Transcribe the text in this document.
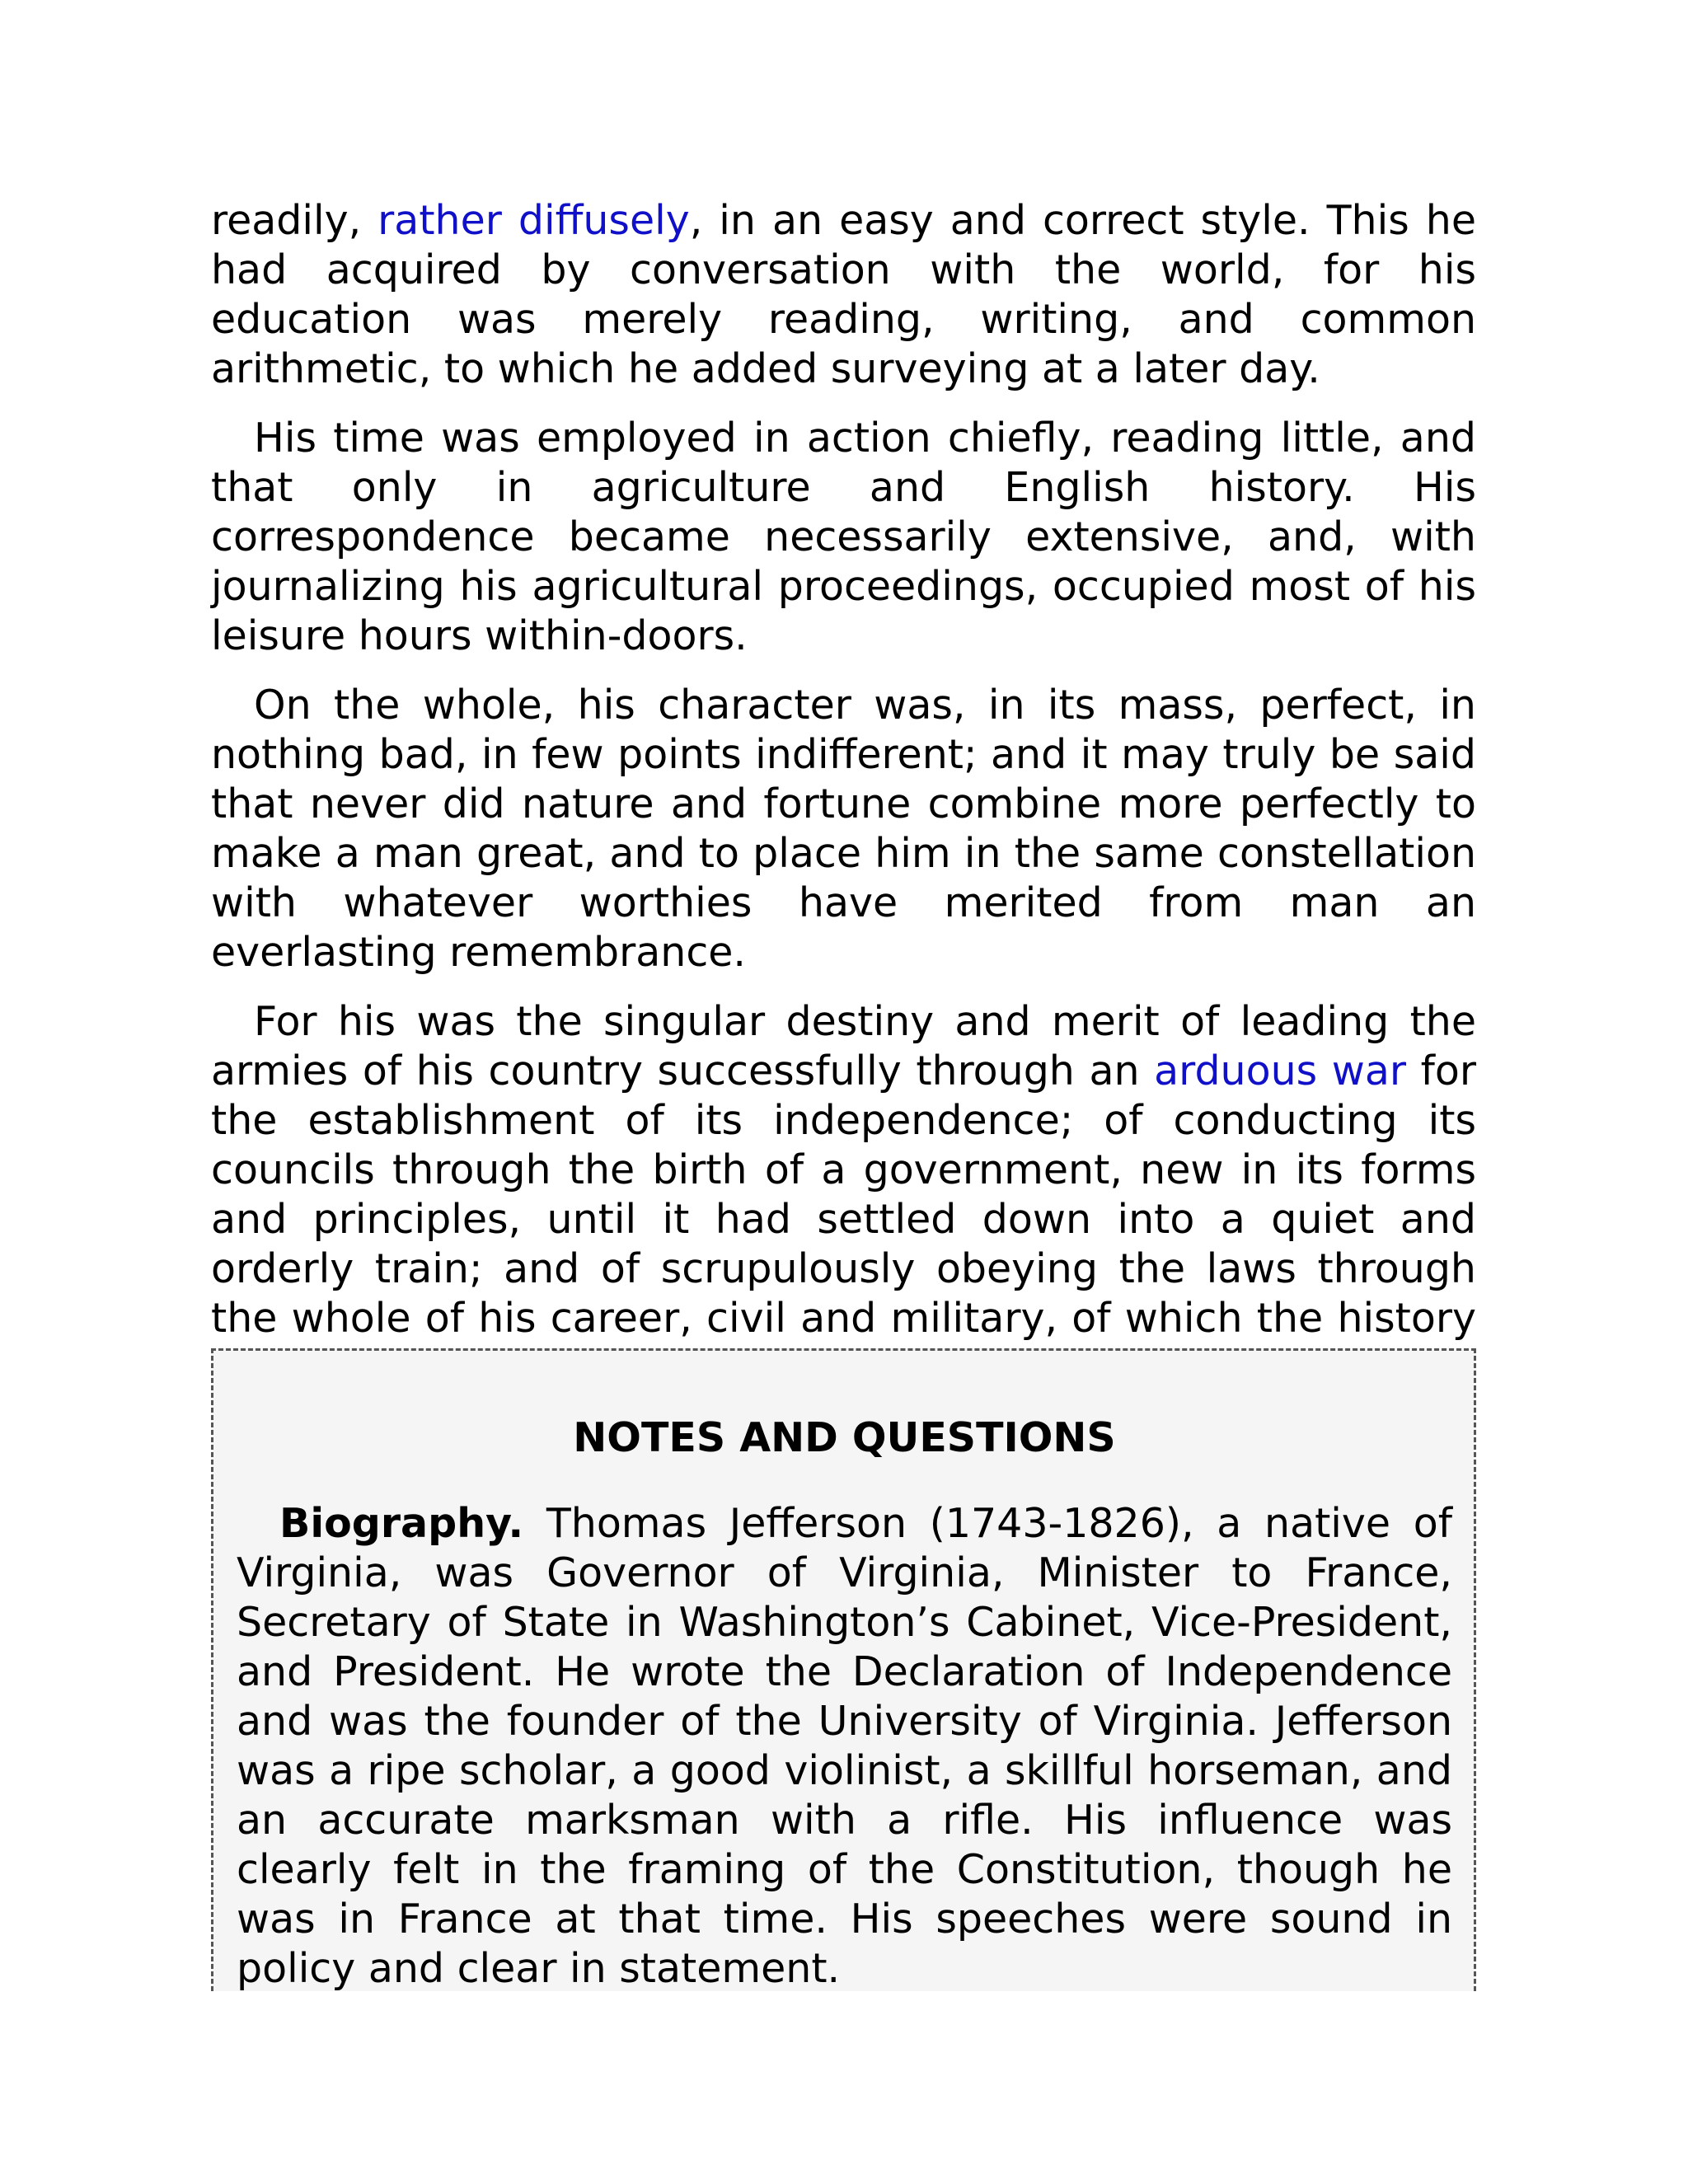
readily, rather diffusely, in an easy and correct style. This he had acquired by conversation with the world, for his education was merely reading, writing, and common arithmetic, to which he added surveying at a later day.

His time was employed in action chiefly, reading little, and that only in agriculture and English history. His correspondence became necessarily extensive, and, with journalizing his agricultural proceedings, occupied most of his leisure hours within-doors.

On the whole, his character was, in its mass, perfect, in nothing bad, in few points indifferent; and it may truly be said that never did nature and fortune combine more perfectly to make a man great, and to place him in the same constellation with whatever worthies have merited from man an everlasting remembrance.

For his was the singular destiny and merit of leading the armies of his country successfully through an arduous war for the establishment of its independence; of conducting its councils through the birth of a government, new in its forms and principles, until it had settled down into a quiet and orderly train; and of scrupulously obeying the laws through the whole of his career, civil and military, of which the history

NOTES AND QUESTIONS

Biography. Thomas Jefferson (1743-1826), a native of Virginia, was Governor of Virginia, Minister to France, Secretary of State in Washington’s Cabinet, Vice-President, and President. He wrote the Declaration of Independence and was the founder of the University of Virginia. Jefferson was a ripe scholar, a good violinist, a skillful horseman, and an accurate marksman with a rifle. His influence was clearly felt in the framing of the Constitution, though he was in France at that time. His speeches were sound in policy and clear in statement.
